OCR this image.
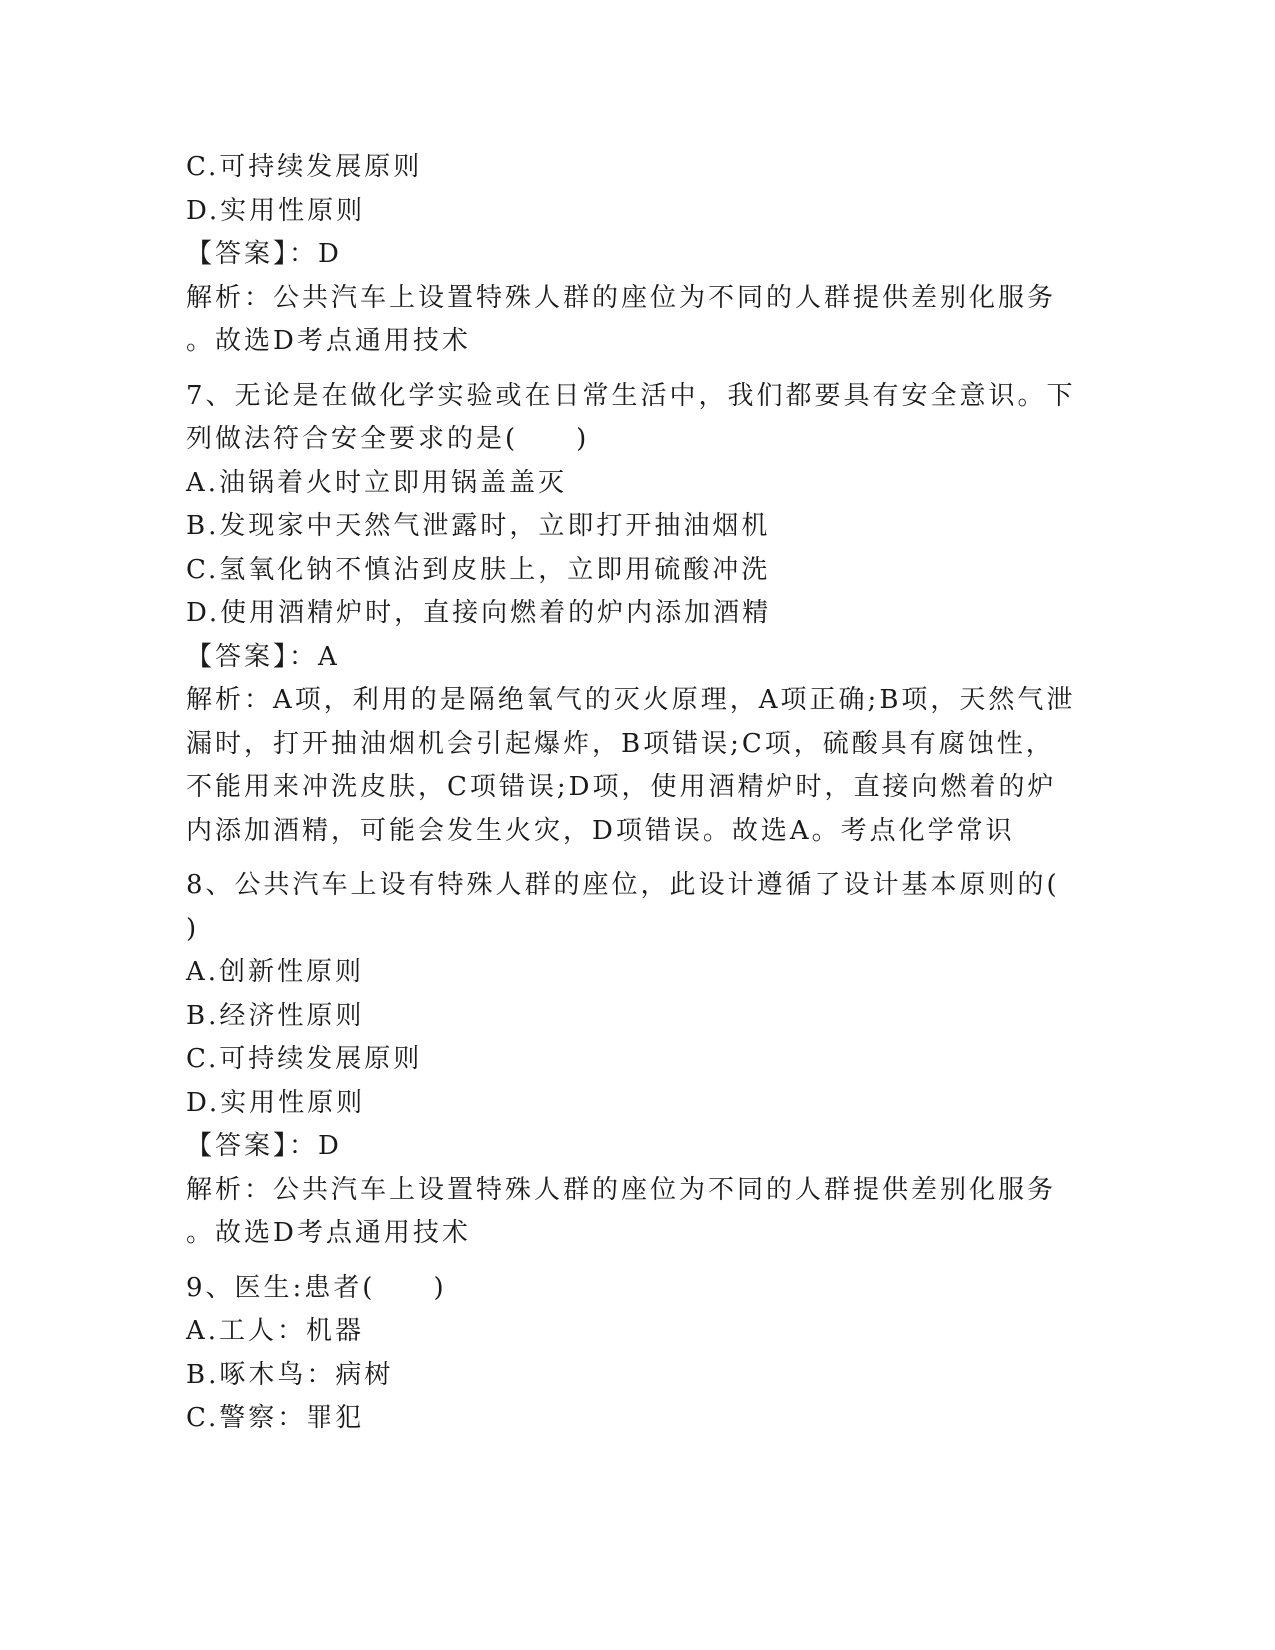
C.可持续发展原则

D.实用性原则

【答案】：D

解析：公共汽车上设置特殊人群的座位为不同的人群提供差别化服务

。故选D考点通用技术

7、无论是在做化学实验或在日常生活中，我们都要具有安全意识。下

列做法符合安全要求的是(　　)

A.油锅着火时立即用锅盖盖灭

B.发现家中天然气泄露时，立即打开抽油烟机

C.氢氧化钠不慎沾到皮肤上，立即用硫酸冲洗

D.使用酒精炉时，直接向燃着的炉内添加酒精

【答案】：A

解析：A项，利用的是隔绝氧气的灭火原理，A项正确;B项，天然气泄

漏时，打开抽油烟机会引起爆炸，B项错误;C项，硫酸具有腐蚀性，

不能用来冲洗皮肤，C项错误;D项，使用酒精炉时，直接向燃着的炉

内添加酒精，可能会发生火灾，D项错误。故选A。考点化学常识

8、公共汽车上设有特殊人群的座位，此设计遵循了设计基本原则的(

)

A.创新性原则

B.经济性原则

C.可持续发展原则

D.实用性原则

【答案】：D

解析：公共汽车上设置特殊人群的座位为不同的人群提供差别化服务

。故选D考点通用技术

9、医生:患者(　　)

A.工人：机器

B.啄木鸟：病树

C.警察：罪犯
